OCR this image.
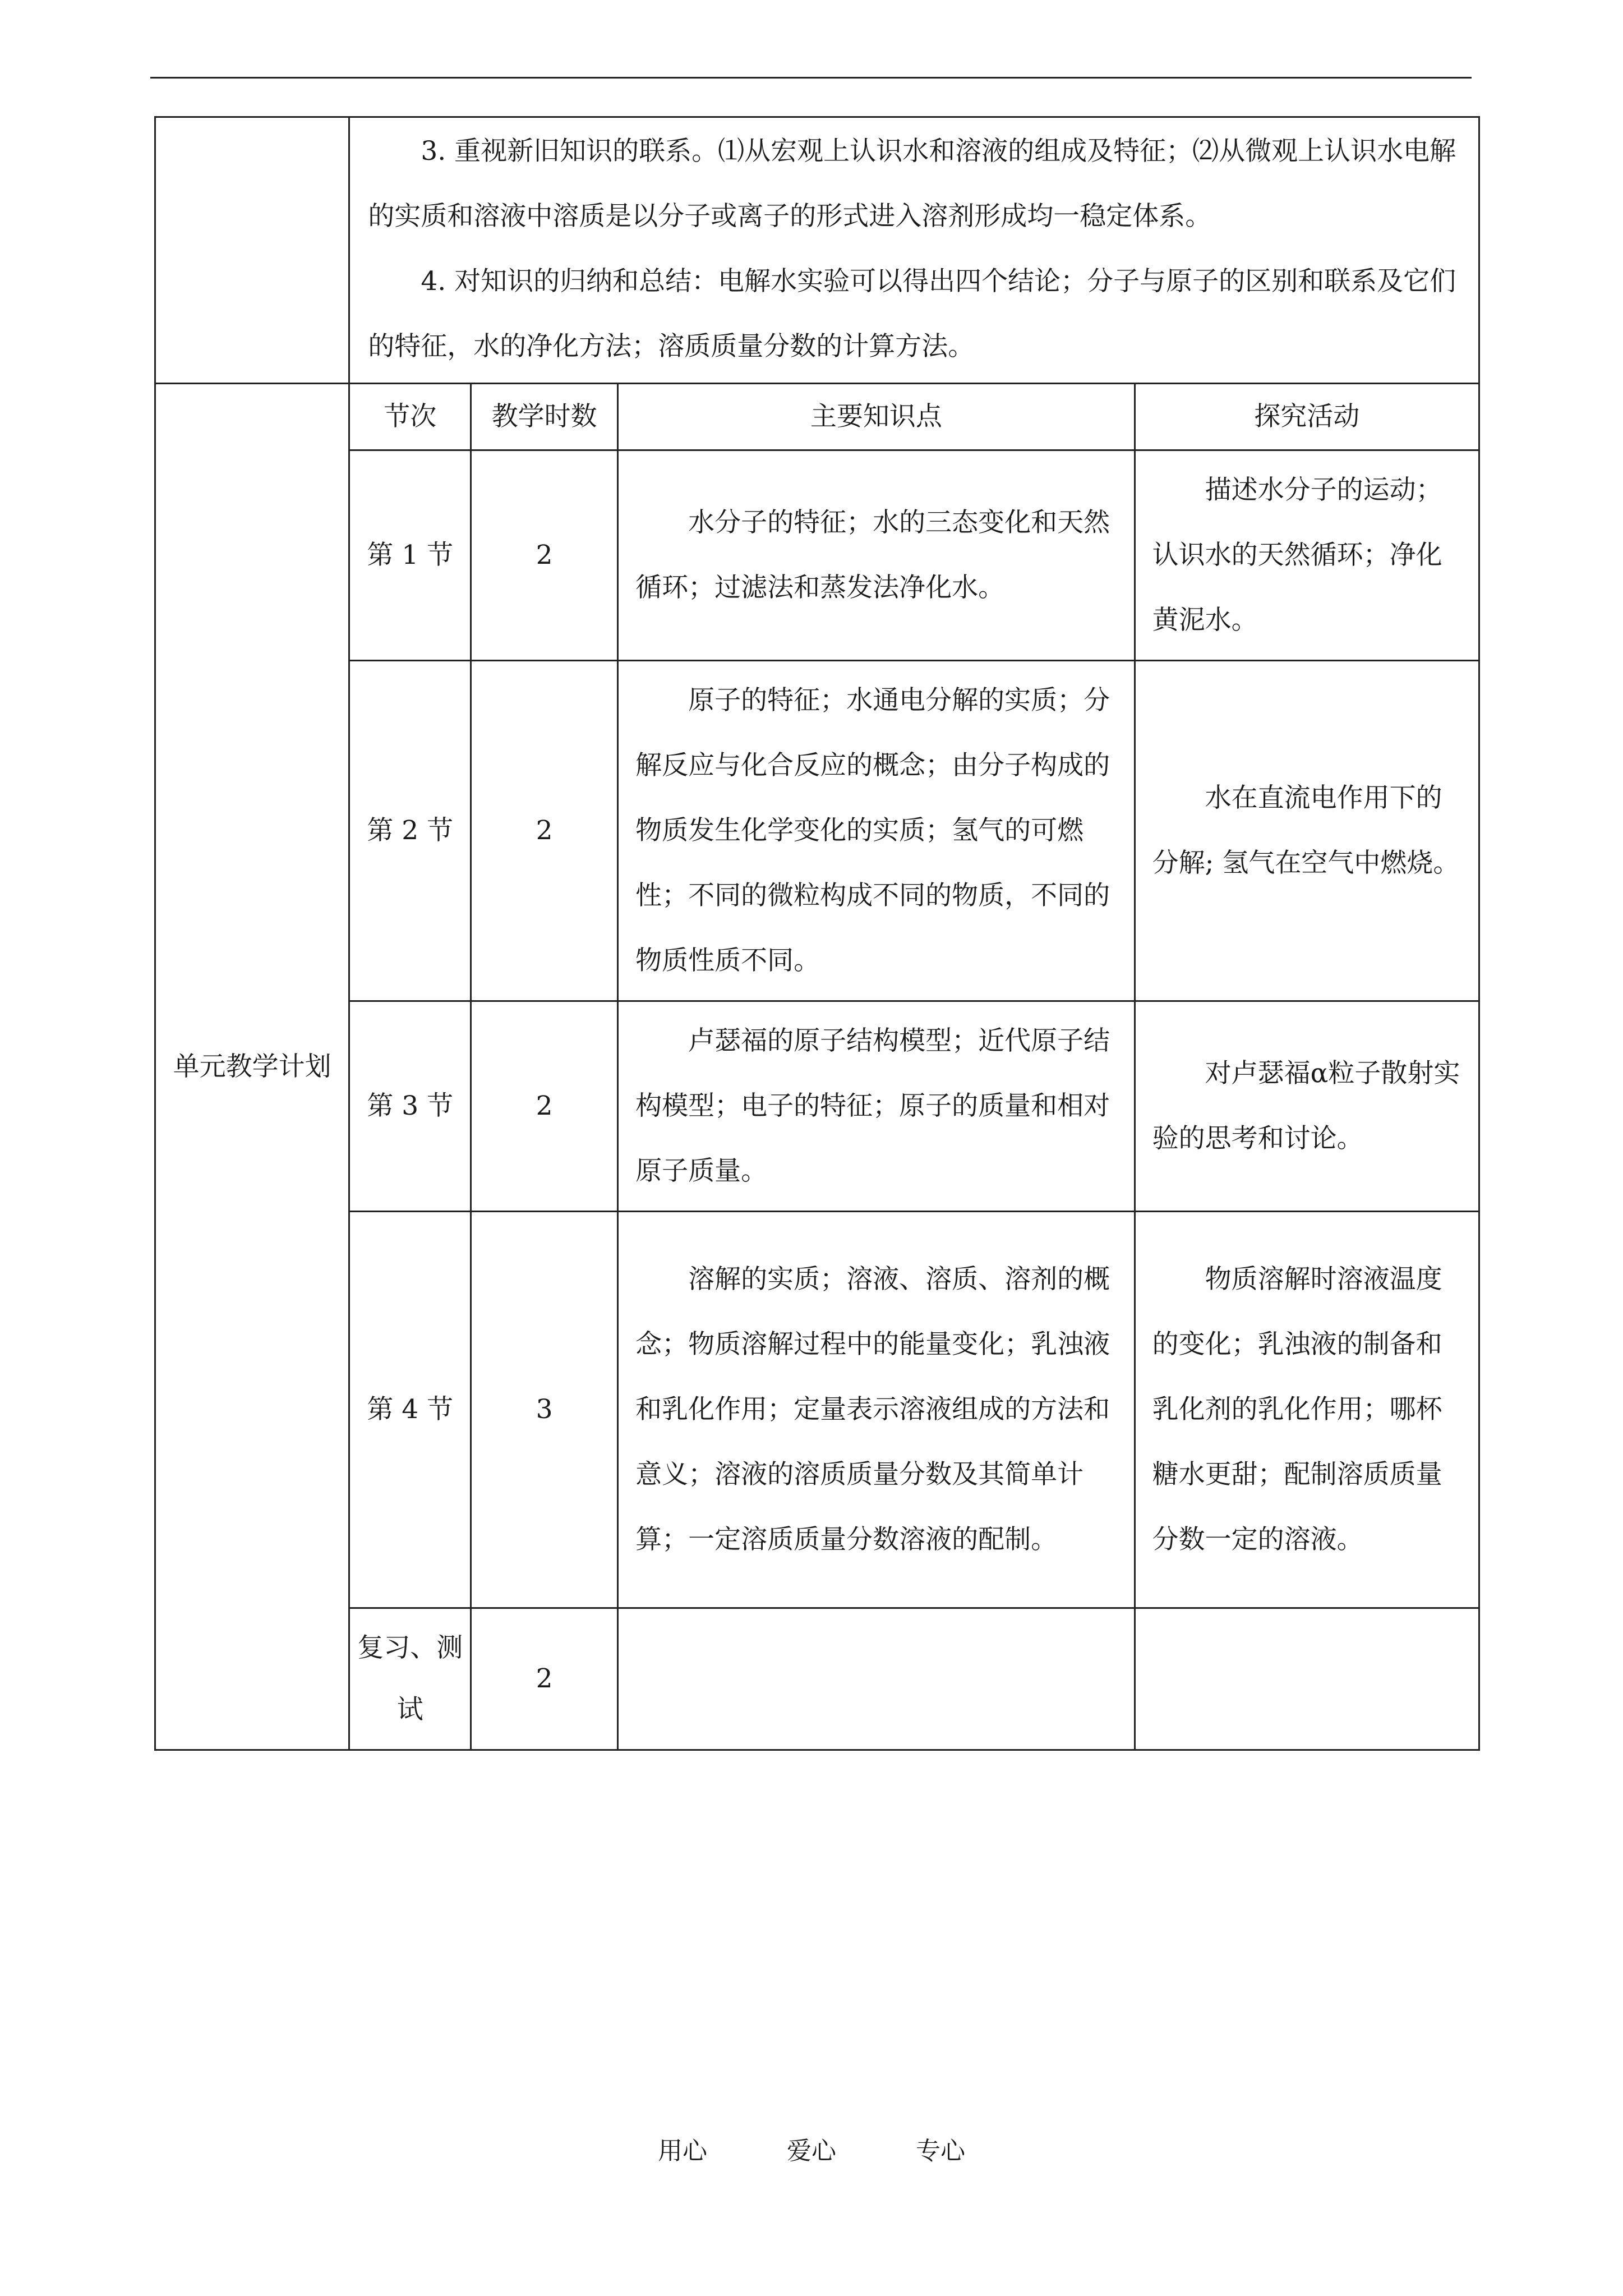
	3. 重视新旧知识的联系。⑴从宏观上认识水和溶液的组成及特征；⑵从微观上认识水电解的实质和溶液中溶质是以分子或离子的形式进入溶剂形成均一稳定体系。

4. 对知识的归纳和总结：电解水实验可以得出四个结论；分子与原子的区别和联系及它们的特征，水的净化方法；溶质质量分数的计算方法。			

单元教学计划	节次	教学时数	主要知识点	探究活动
	第 1 节	2	水分子的特征；水的三态变化和天然循环；过滤法和蒸发法净化水。	描述水分子的运动；认识水的天然循环；净化黄泥水。

	第 2 节	2	原子的特征；水通电分解的实质；分解反应与化合反应的概念；由分子构成的物质发生化学变化的实质；氢气的可燃性；不同的微粒构成不同的物质，不同的物质性质不同。	水在直流电作用下的分解; 氢气在空气中燃烧。

	第 3 节	2	卢瑟福的原子结构模型；近代原子结构模型；电子的特征；原子的质量和相对原子质量。	对卢瑟福α粒子散射实验的思考和讨论。

	第 4 节	3	溶解的实质；溶液、溶质、溶剂的概念；物质溶解过程中的能量变化；乳浊液和乳化作用；定量表示溶液组成的方法和意义；溶液的溶质质量分数及其简单计算；一定溶质质量分数溶液的配制。	物质溶解时溶液温度的变化；乳浊液的制备和乳化剂的乳化作用；哪杯糖水更甜；配制溶质质量分数一定的溶液。

	复习、测试	2		
用心	爱心	专心
